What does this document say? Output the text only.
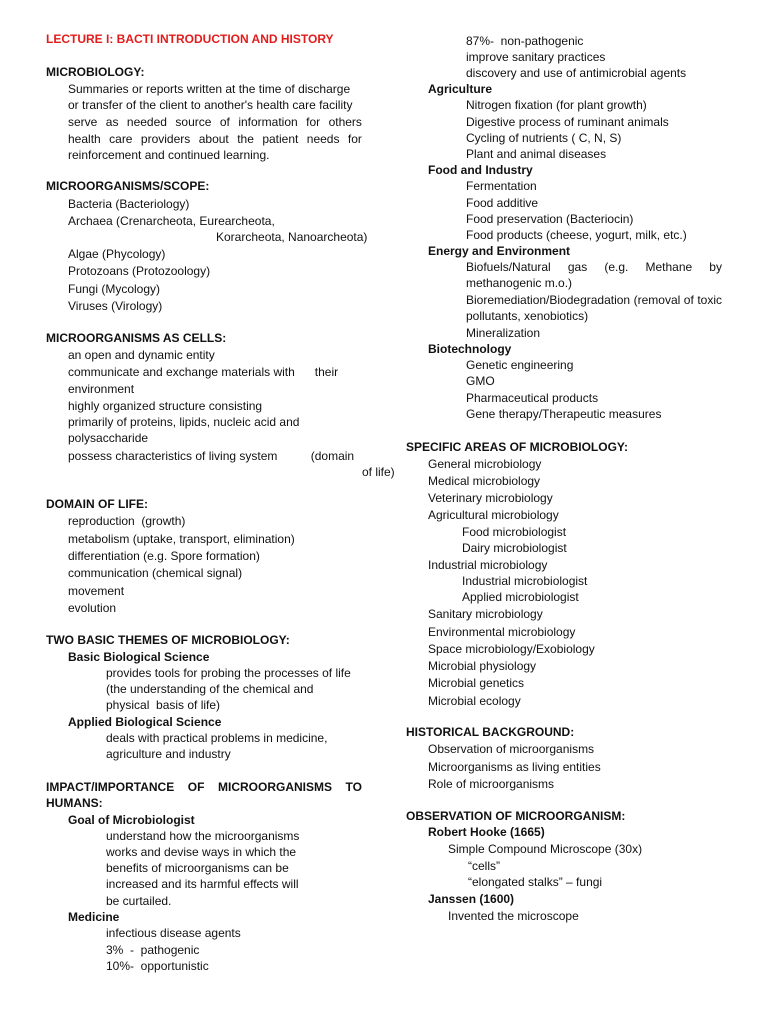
LECTURE I: BACTI INTRODUCTION AND HISTORY
MICROBIOLOGY:
Summaries or reports written at the time of discharge
or transfer of the client to another's health care facility
serve as needed source of information for others
health care providers about the patient needs for
reinforcement and continued learning.
MICROORGANISMS/SCOPE:
Bacteria (Bacteriology)
Archaea (Crenarcheota, Eurearcheota,
Korarcheota, Nanoarcheota)
Algae (Phycology)
Protozoans (Protozoology)
Fungi (Mycology)
Viruses (Virology)
MICROORGANISMS AS CELLS:
an open and dynamic entity
communicate and exchange materials with      their
environment
highly organized structure consisting
primarily of proteins, lipids, nucleic acid and
polysaccharide
possess characteristics of living system          (domain
of life)
DOMAIN OF LIFE:
reproduction  (growth)
metabolism (uptake, transport, elimination)
differentiation (e.g. Spore formation)
communication (chemical signal)
movement
evolution
TWO BASIC THEMES OF MICROBIOLOGY:
Basic Biological Science
provides tools for probing the processes of life
(the understanding of the chemical and
physical  basis of life)
Applied Biological Science
deals with practical problems in medicine,
agriculture and industry
IMPACT/IMPORTANCE OF MICROORGANISMS TO
HUMANS:
Goal of Microbiologist
understand how the microorganisms
works and devise ways in which the
benefits of microorganisms can be
increased and its harmful effects will
be curtailed.
Medicine
infectious disease agents
3%  -  pathogenic
10%-  opportunistic
87%-  non-pathogenic
improve sanitary practices
discovery and use of antimicrobial agents
Agriculture
Nitrogen fixation (for plant growth)
Digestive process of ruminant animals
Cycling of nutrients ( C, N, S)
Plant and animal diseases
Food and Industry
Fermentation
Food additive
Food preservation (Bacteriocin)
Food products (cheese, yogurt, milk, etc.)
Energy and Environment
Biofuels/Natural gas (e.g. Methane by
methanogenic m.o.)
Bioremediation/Biodegradation (removal of toxic
pollutants, xenobiotics)
Mineralization
Biotechnology
Genetic engineering
GMO
Pharmaceutical products
Gene therapy/Therapeutic measures
SPECIFIC AREAS OF MICROBIOLOGY:
General microbiology
Medical microbiology
Veterinary microbiology
Agricultural microbiology
Food microbiologist
Dairy microbiologist
Industrial microbiology
Industrial microbiologist
Applied microbiologist
Sanitary microbiology
Environmental microbiology
Space microbiology/Exobiology
Microbial physiology
Microbial genetics
Microbial ecology
HISTORICAL BACKGROUND:
Observation of microorganisms
Microorganisms as living entities
Role of microorganisms
OBSERVATION OF MICROORGANISM:
Robert Hooke (1665)
Simple Compound Microscope (30x)
“cells”
“elongated stalks” – fungi
Janssen (1600)
Invented the microscope
